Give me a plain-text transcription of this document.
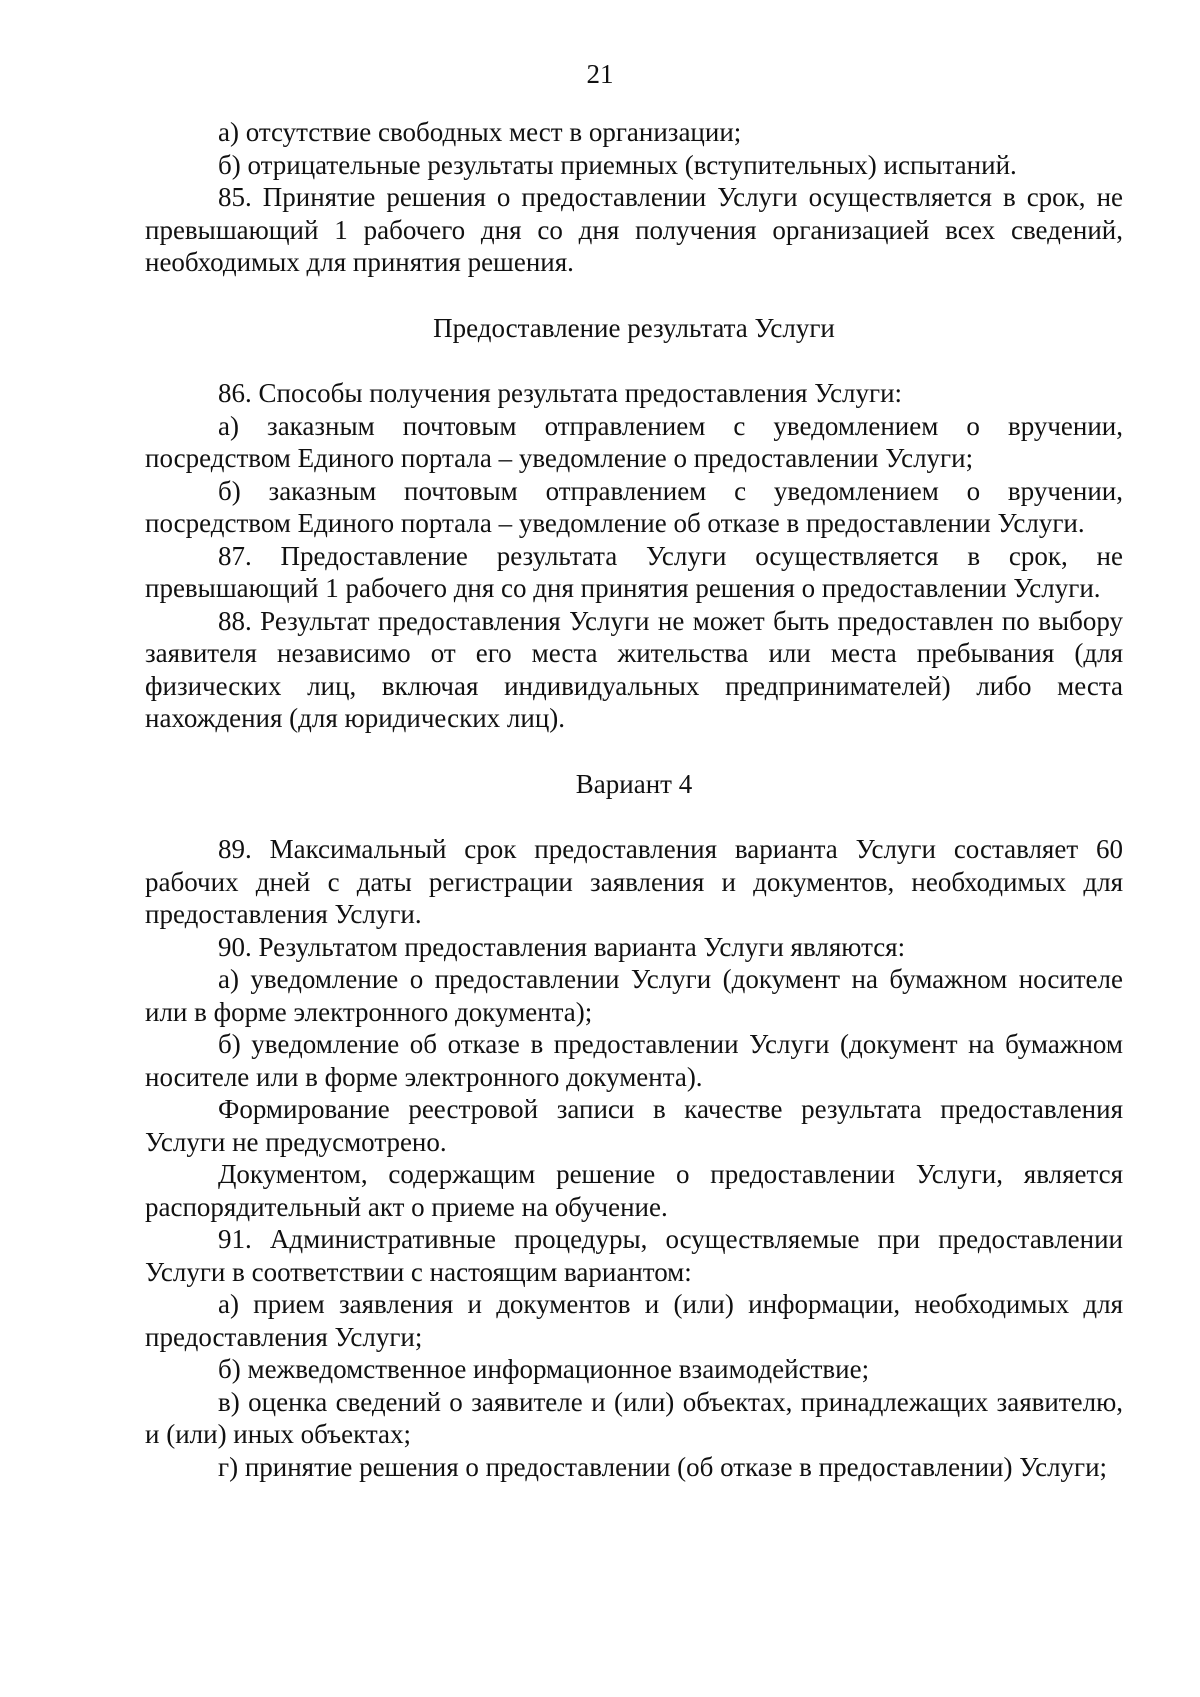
21

а) отсутствие свободных мест в организации;

б) отрицательные результаты приемных (вступительных) испытаний.

85. Принятие решения о предоставлении Услуги осуществляется в срок, не превышающий 1 рабочего дня со дня получения организацией всех сведений, необходимых для принятия решения.

Предоставление результата Услуги

86. Способы получения результата предоставления Услуги:

а) заказным почтовым отправлением с уведомлением о вручении, посредством Единого портала – уведомление о предоставлении Услуги;

б) заказным почтовым отправлением с уведомлением о вручении, посредством Единого портала – уведомление об отказе в предоставлении Услуги.

87. Предоставление результата Услуги осуществляется в срок, не превышающий 1 рабочего дня со дня принятия решения о предоставлении Услуги.

88. Результат предоставления Услуги не может быть предоставлен по выбору заявителя независимо от его места жительства или места пребывания (для физических лиц, включая индивидуальных предпринимателей) либо места нахождения (для юридических лиц).

Вариант 4

89. Максимальный срок предоставления варианта Услуги составляет 60 рабочих дней с даты регистрации заявления и документов, необходимых для предоставления Услуги.

90. Результатом предоставления варианта Услуги являются:

а) уведомление о предоставлении Услуги (документ на бумажном носителе или в форме электронного документа);

б) уведомление об отказе в предоставлении Услуги (документ на бумажном носителе или в форме электронного документа).

Формирование реестровой записи в качестве результата предоставления Услуги не предусмотрено.

Документом, содержащим решение о предоставлении Услуги, является распорядительный акт о приеме на обучение.

91. Административные процедуры, осуществляемые при предоставлении Услуги в соответствии с настоящим вариантом:

а) прием заявления и документов и (или) информации, необходимых для предоставления Услуги;

б) межведомственное информационное взаимодействие;

в) оценка сведений о заявителе и (или) объектах, принадлежащих заявителю, и (или) иных объектах;

г) принятие решения о предоставлении (об отказе в предоставлении) Услуги;
